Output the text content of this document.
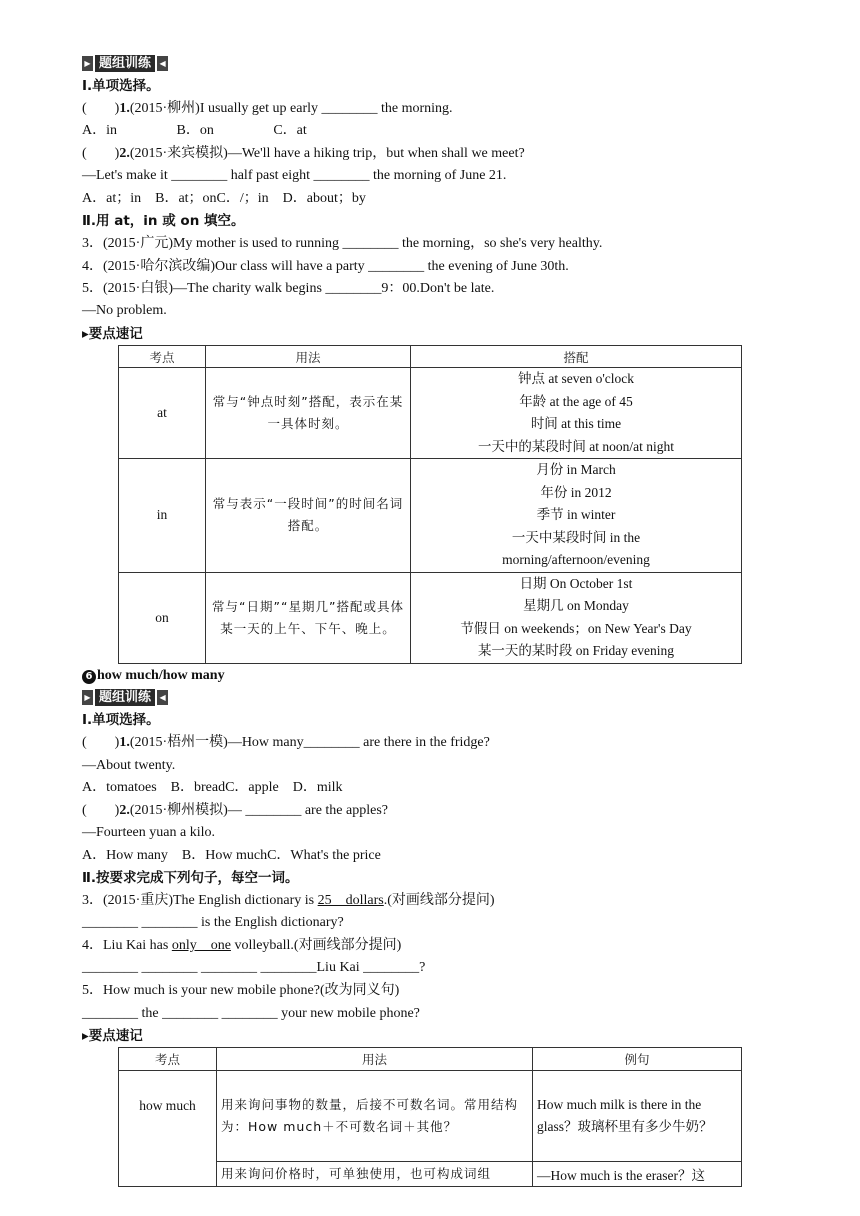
▶ 题组训练	◀
Ⅰ.单项选择。
(　　)1.(2015·柳州)I usually get up early ________ the morning.
A．in                 B．on                 C．at
(　　)2.(2015·来宾模拟)—We'll have a hiking trip，but when shall we meet?
—Let's make it ________ half past eight ________ the morning of June 21.
A．at；in    B．at；onC．/；in    D．about；by
Ⅱ.用 at，in 或 on 填空。
3．(2015·广元)My mother is used to running ________ the morning，so she's very healthy.
4．(2015·哈尔滨改编)Our class will have a party ________ the evening of June 30th.
5．(2015·白银)—The charity walk begins ________9：00.Don't be late.
—No problem.
▸要点速记
考点	用法	搭配
at	常与“钟点时刻”搭配，表示在某一具体时刻。	钟点 at seven o'clock
年龄 at the age of 45
时间 at this time
一天中的某段时间 at noon/at night

in	常与表示“一段时间”的时间名词搭配。	月份 in March
年份 in 2012
季节 in winter
一天中某段时间 in the
morning/afternoon/evening

on	常与“日期”“星期几”搭配或具体某一天的上午、下午、晚上。	日期 On October 1st
星期几 on Monday
节假日 on weekends；on New Year's Day
某一天的某时段 on Friday evening
6 how much/how many
▶ 题组训练	◀
Ⅰ.单项选择。
(　　)1.(2015·梧州一模)—How many________ are there in the fridge?
—About twenty.
A．tomatoes    B．breadC．apple    D．milk
(　　)2.(2015·柳州模拟)— ________ are the apples?
—Fourteen yuan a kilo.
A．How many    B．How muchC．What's the price
Ⅱ.按要求完成下列句子，每空一词。
3．(2015·重庆)The English dictionary is 25    dollars.(对画线部分提问)
________ ________ is the English dictionary?
4．Liu Kai has only    one volleyball.(对画线部分提问)
________ ________ ________ ________Liu Kai ________?
5．How much is your new mobile phone?(改为同义句)
________ the ________ ________ your new mobile phone?
▸要点速记
考点	用法	例句
how much	用来询问事物的数量，后接不可数名词。常用结构为：How much＋不可数名词＋其他？	How much milk is there in the glass？玻璃杯里有多少牛奶？
	用来询问价格时，可单独使用，也可构成词组	—How much is the eraser？这
